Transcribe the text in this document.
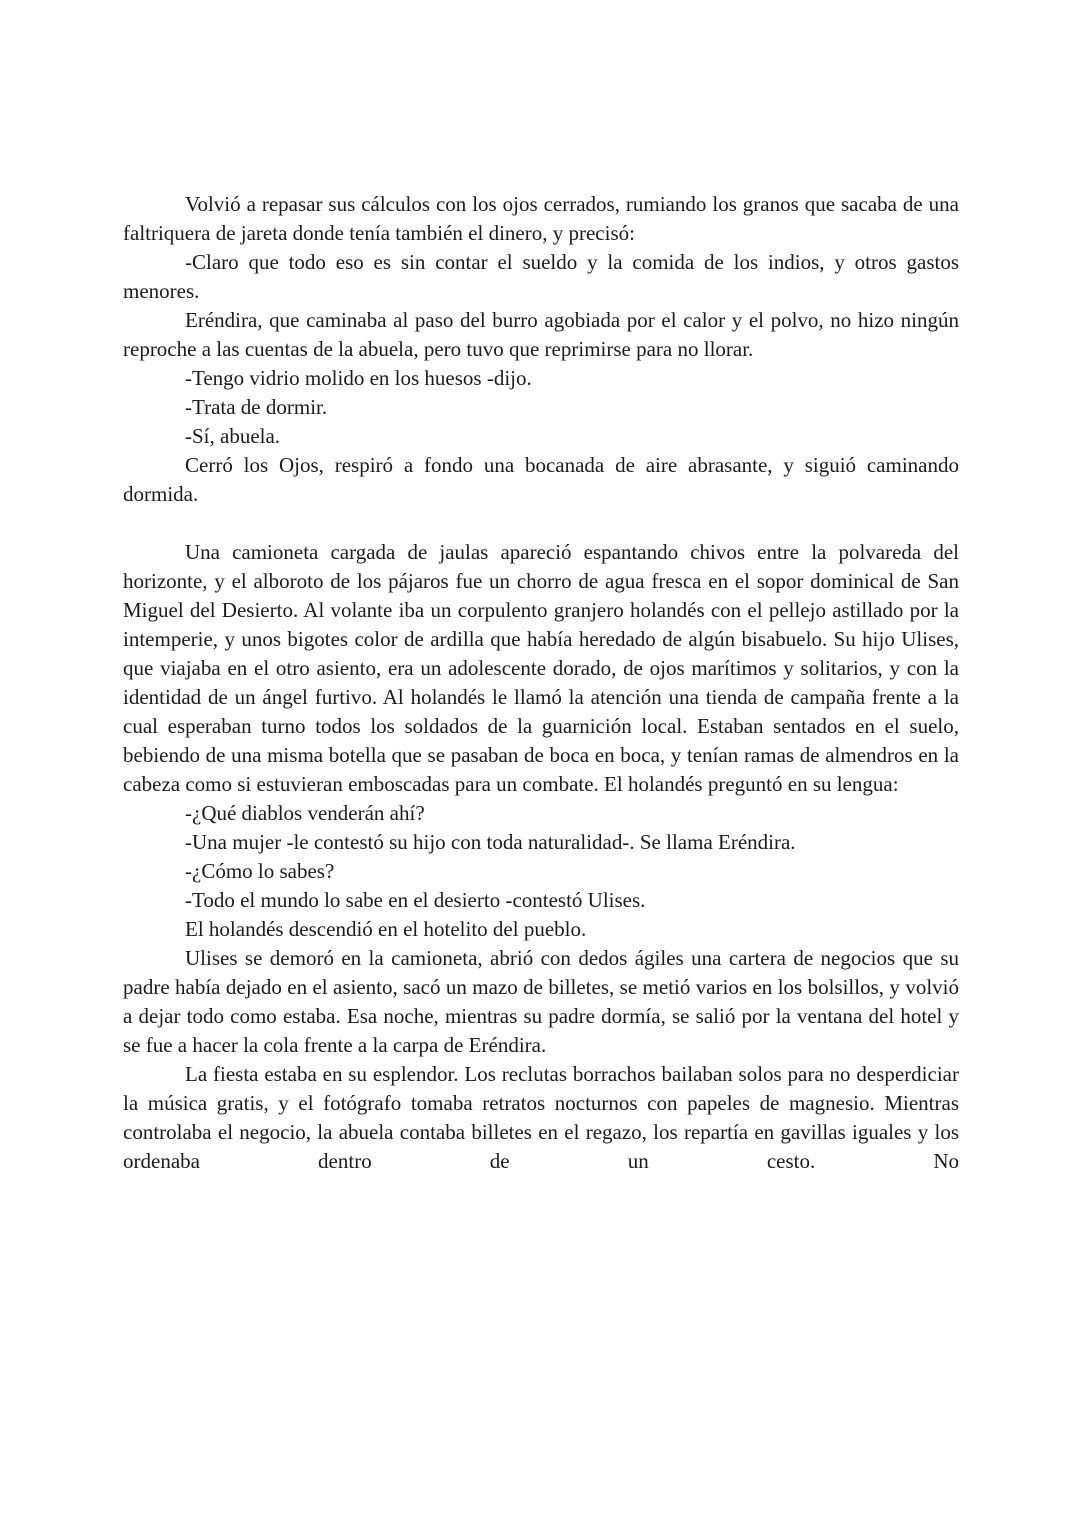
Volvió a repasar sus cálculos con los ojos cerrados, rumiando los granos que sacaba de una faltriquera de jareta donde tenía también el dinero, y precisó:

-Claro que todo eso es sin contar el sueldo y la comida de los indios, y otros gastos menores.

Eréndira, que caminaba al paso del burro agobiada por el calor y el polvo, no hizo ningún reproche a las cuentas de la abuela, pero tuvo que reprimirse para no llorar.

-Tengo vidrio molido en los huesos -dijo.

-Trata de dormir.

-Sí, abuela.

Cerró los Ojos, respiró a fondo una bocanada de aire abrasante, y siguió caminando dormida.

Una camioneta cargada de jaulas apareció espantando chivos entre la polvareda del horizonte, y el alboroto de los pájaros fue un chorro de agua fresca en el sopor dominical de San Miguel del Desierto. Al volante iba un corpulento granjero holandés con el pellejo astillado por la intemperie, y unos bigotes color de ardilla que había heredado de algún bisabuelo. Su hijo Ulises, que viajaba en el otro asiento, era un adolescente dorado, de ojos marítimos y solitarios, y con la identidad de un ángel furtivo. Al holandés le llamó la atención una tienda de campaña frente a la cual esperaban turno todos los soldados de la guarnición local. Estaban sentados en el suelo, bebiendo de una misma botella que se pasaban de boca en boca, y tenían ramas de almendros en la cabeza como si estuvieran emboscadas para un combate. El holandés preguntó en su lengua:

-¿Qué diablos venderán ahí?

-Una mujer -le contestó su hijo con toda naturalidad-. Se llama Eréndira.

-¿Cómo lo sabes?

-Todo el mundo lo sabe en el desierto -contestó Ulises.

El holandés descendió en el hotelito del pueblo.

Ulises se demoró en la camioneta, abrió con dedos ágiles una cartera de negocios que su padre había dejado en el asiento, sacó un mazo de billetes, se metió varios en los bolsillos, y volvió a dejar todo como estaba. Esa noche, mientras su padre dormía, se salió por la ventana del hotel y se fue a hacer la cola frente a la carpa de Eréndira.

La fiesta estaba en su esplendor. Los reclutas borrachos bailaban solos para no desperdiciar la música gratis, y el fotógrafo tomaba retratos nocturnos con papeles de magnesio. Mientras controlaba el negocio, la abuela contaba billetes en el regazo, los repartía en gavillas iguales y los ordenaba dentro de un cesto. No
